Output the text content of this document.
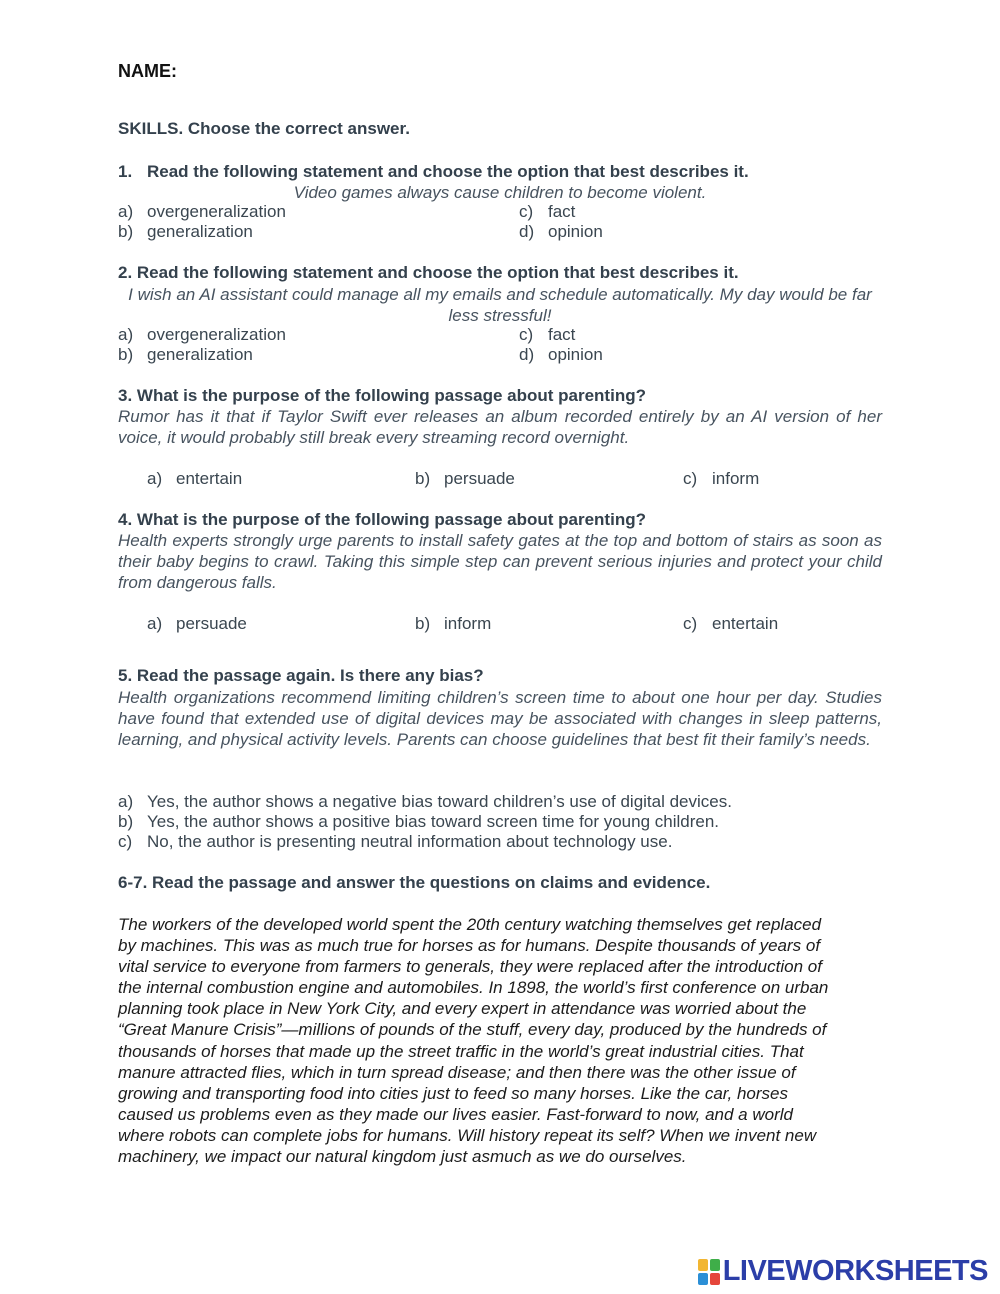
NAME:
SKILLS. Choose the correct answer.
1. Read the following statement and choose the option that best describes it.
Video games always cause children to become violent.
a) overgeneralization
b) generalization
c) fact
d) opinion
2. Read the following statement and choose the option that best describes it.
I wish an AI assistant could manage all my emails and schedule automatically. My day would be far less stressful!
a) overgeneralization
b) generalization
c) fact
d) opinion
3. What is the purpose of the following passage about parenting?
Rumor has it that if Taylor Swift ever releases an album recorded entirely by an AI version of her voice, it would probably still break every streaming record overnight.
a) entertain	b) persuade	c) inform
4. What is the purpose of the following passage about parenting?
Health experts strongly urge parents to install safety gates at the top and bottom of stairs as soon as their baby begins to crawl. Taking this simple step can prevent serious injuries and protect your child from dangerous falls.
a) persuade	b) inform	c) entertain
5. Read the passage again. Is there any bias?
Health organizations recommend limiting children’s screen time to about one hour per day. Studies have found that extended use of digital devices may be associated with changes in sleep patterns, learning, and physical activity levels. Parents can choose guidelines that best fit their family’s needs.
a) Yes, the author shows a negative bias toward children’s use of digital devices.
b) Yes, the author shows a positive bias toward screen time for young children.
c) No, the author is presenting neutral information about technology use.
6-7. Read the passage and answer the questions on claims and evidence.
The workers of the developed world spent the 20th century watching themselves get replaced
by machines. This was as much true for horses as for humans. Despite thousands of years of
vital service to everyone from farmers to generals, they were replaced after the introduction of
the internal combustion engine and automobiles. In 1898, the world’s first conference on urban
planning took place in New York City, and every expert in attendance was worried about the
“Great Manure Crisis”—millions of pounds of the stuff, every day, produced by the hundreds of
thousands of horses that made up the street traffic in the world’s great industrial cities. That
manure attracted flies, which in turn spread disease; and then there was the other issue of
growing and transporting food into cities just to feed so many horses. Like the car, horses
caused us problems even as they made our lives easier. Fast-forward to now, and a world
where robots can complete jobs for humans. Will history repeat its self? When we invent new
machinery, we impact our natural kingdom just asmuch as we do ourselves.
LIVEWORKSHEETS
